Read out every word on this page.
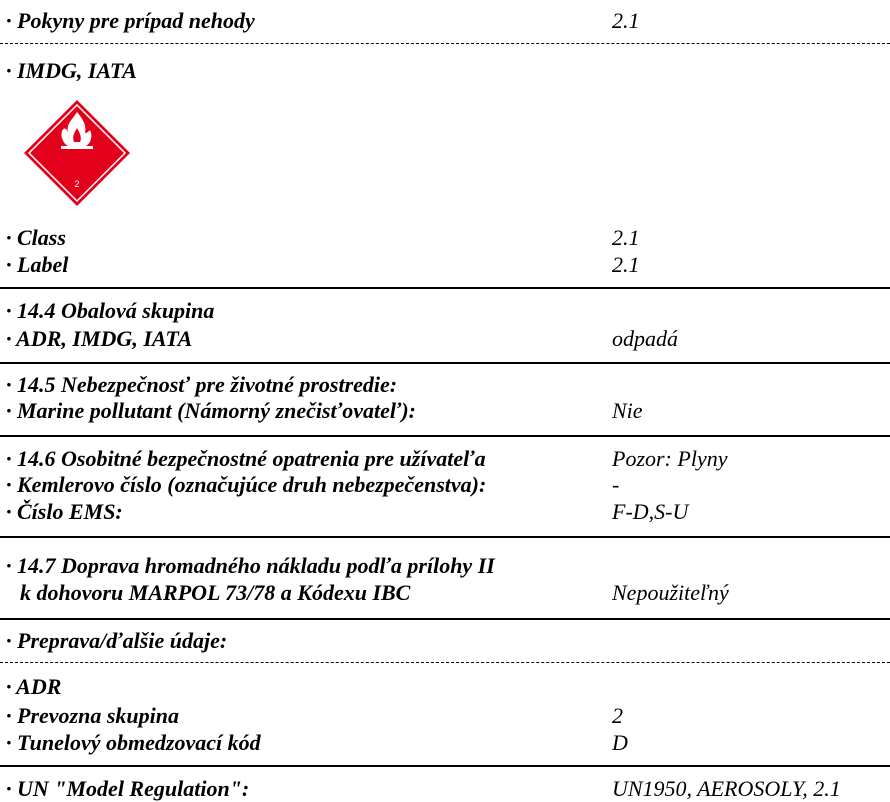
· Pokyny pre prípad nehody	2.1
· IMDG, IATA
2
· Class	2.1
· Label	2.1
· 14.4 Obalová skupina
· ADR, IMDG, IATA	odpadá
· 14.5 Nebezpečnosť pre životné prostredie:
· Marine pollutant (Námorný znečisťovateľ):	Nie
· 14.6 Osobitné bezpečnostné opatrenia pre užívateľa	Pozor: Plyny
· Kemlerovo číslo (označujúce druh nebezpečenstva):	-
· Číslo EMS:	F-D,S-U
· 14.7 Doprava hromadného nákladu podľa prílohy II
k dohovoru MARPOL 73/78 a Kódexu IBC	Nepoužiteľný
· Preprava/ďalšie údaje:
· ADR
· Prevozna skupina	2
· Tunelový obmedzovací kód	D
· UN "Model Regulation":	UN1950, AEROSOLY, 2.1
